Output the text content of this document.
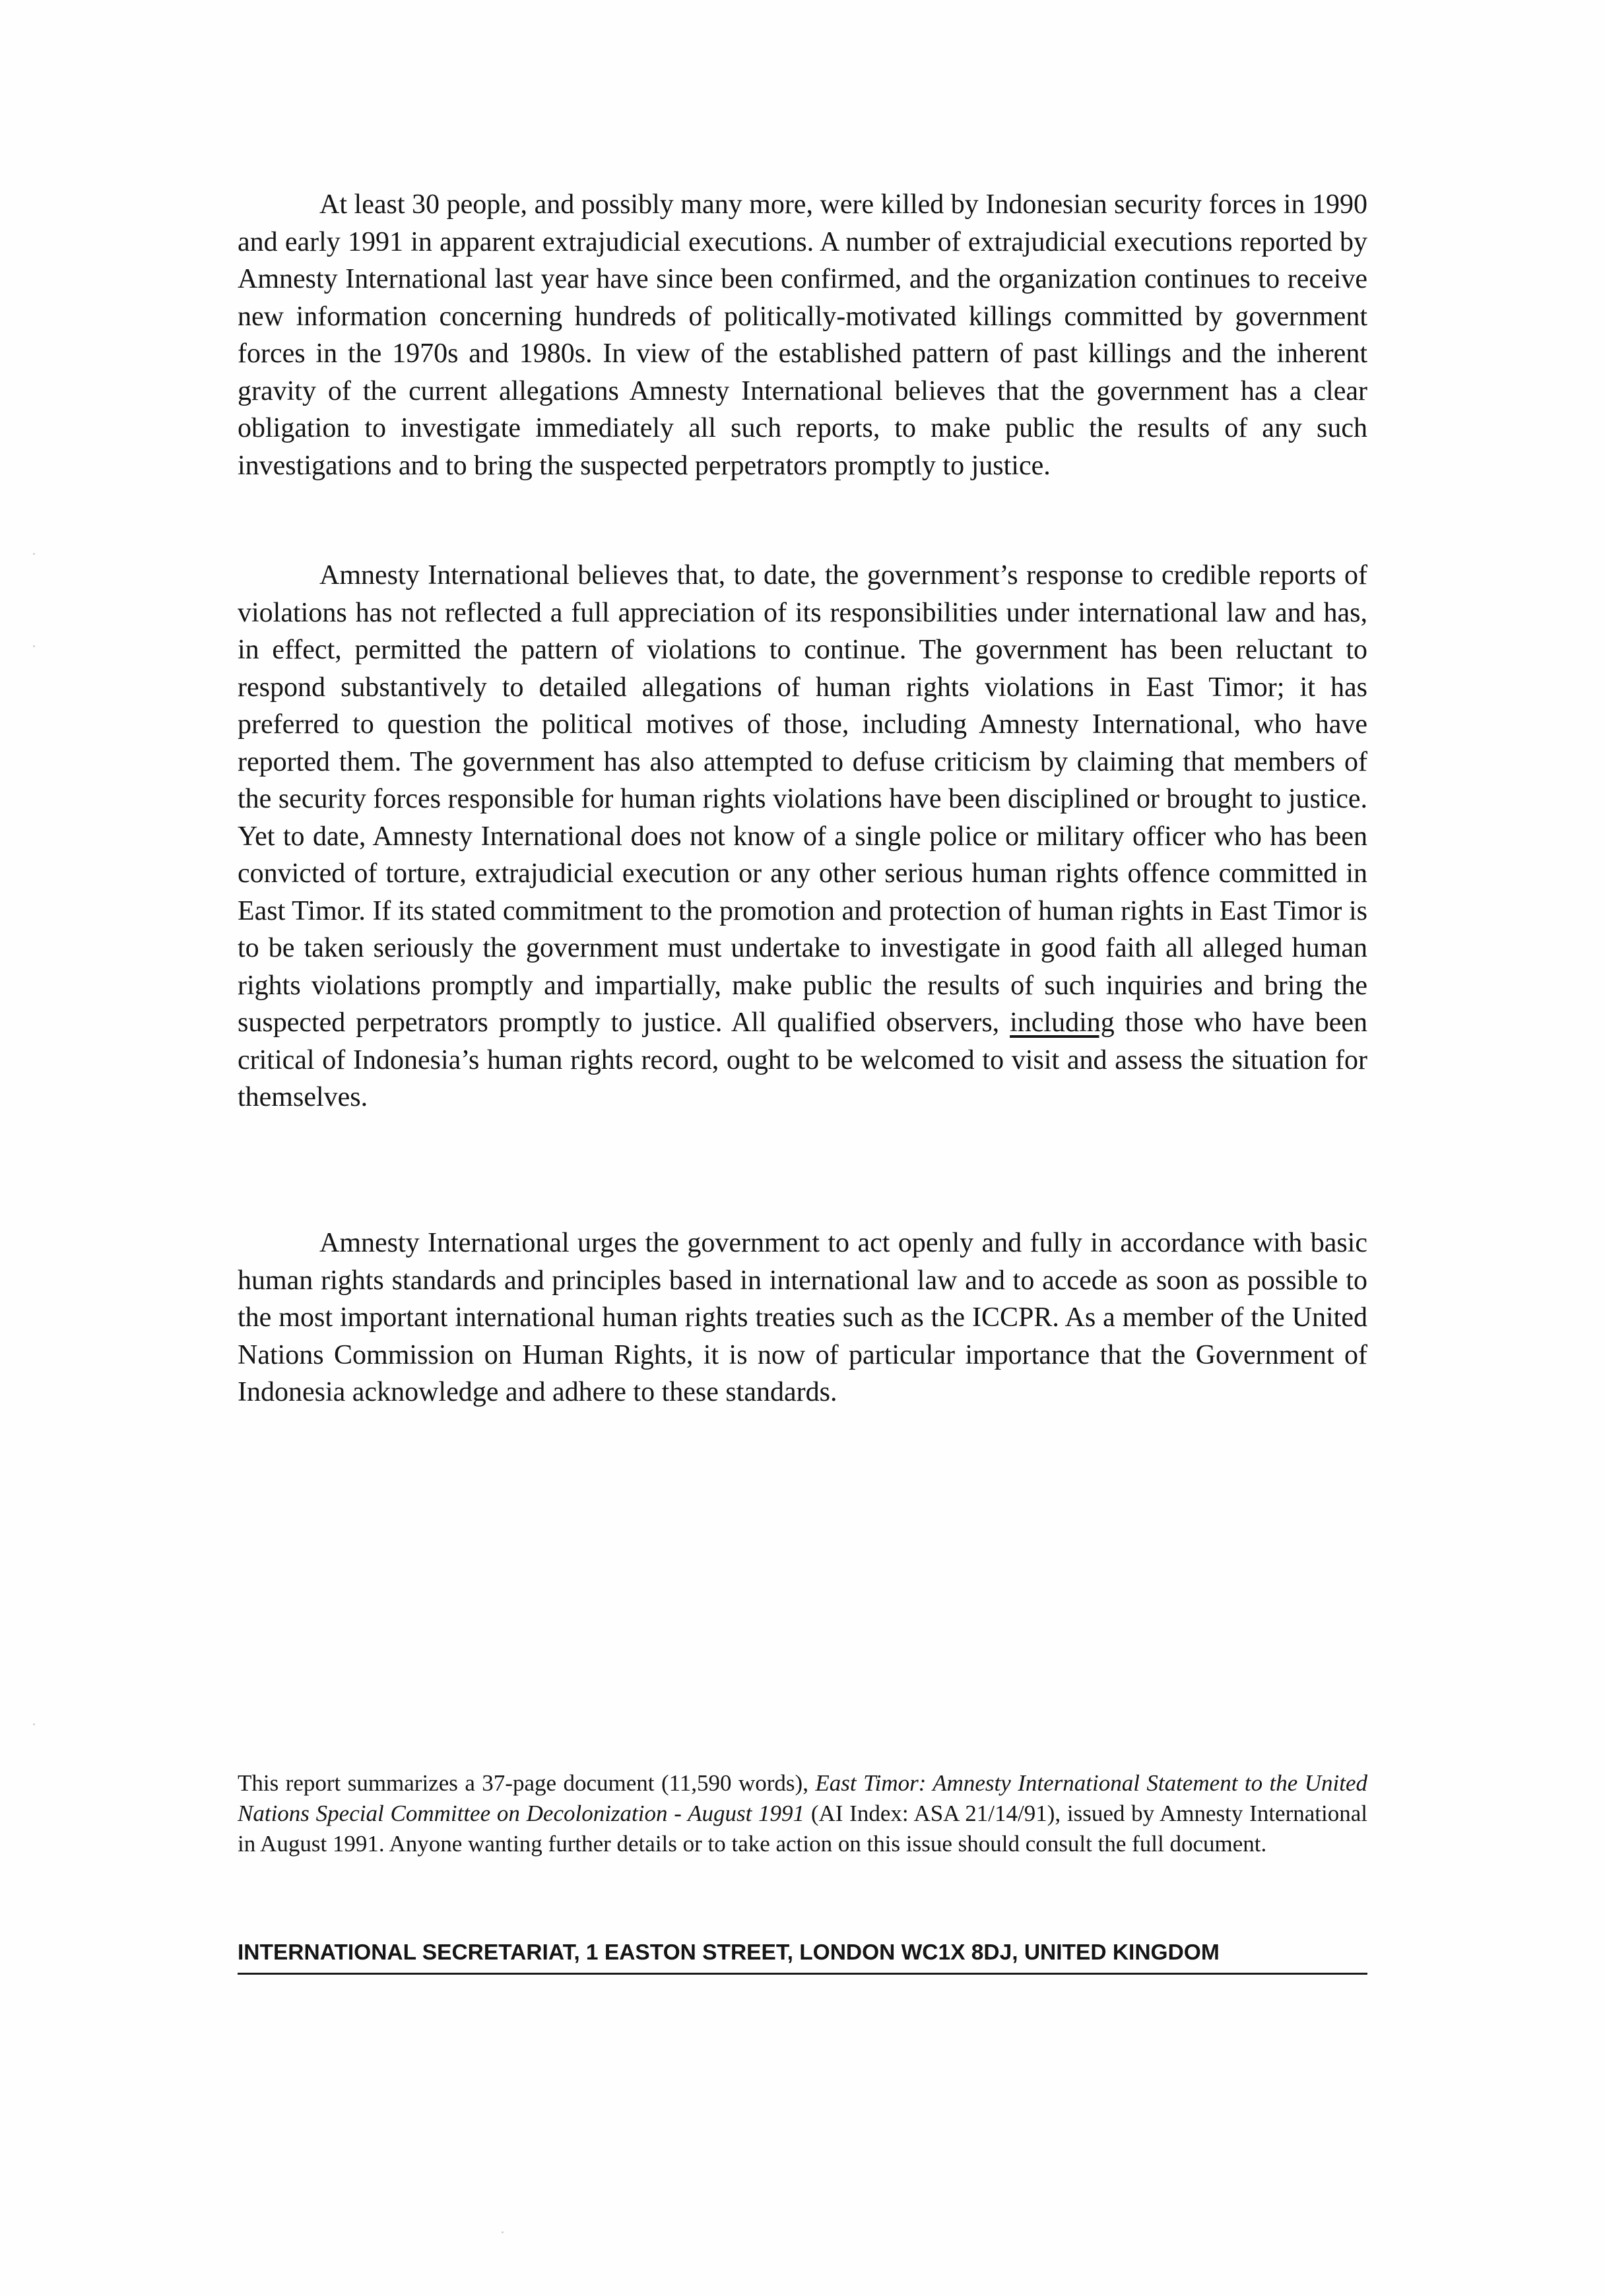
At least 30 people, and possibly many more, were killed by Indonesian security forces in 1990 and early 1991 in apparent extrajudicial executions. A number of extrajudicial executions reported by Amnesty International last year have since been confirmed, and the organization continues to receive new information concerning hundreds of politically-motivated killings committed by government forces in the 1970s and 1980s. In view of the established pattern of past killings and the inherent gravity of the current allegations Amnesty International believes that the government has a clear obligation to investigate immediately all such reports, to make public the results of any such investigations and to bring the suspected perpetrators promptly to justice.

Amnesty International believes that, to date, the government’s response to credible reports of violations has not reflected a full appreciation of its responsibilities under international law and has, in effect, permitted the pattern of violations to continue. The government has been reluctant to respond substantively to detailed allegations of human rights violations in East Timor; it has preferred to question the political motives of those, including Amnesty International, who have reported them. The government has also attempted to defuse criticism by claiming that members of the security forces responsible for human rights violations have been disciplined or brought to justice. Yet to date, Amnesty International does not know of a single police or military officer who has been convicted of torture, extrajudicial execution or any other serious human rights offence committed in East Timor. If its stated commitment to the promotion and protection of human rights in East Timor is to be taken seriously the government must undertake to investigate in good faith all alleged human rights violations promptly and impartially, make public the results of such inquiries and bring the suspected perpetrators promptly to justice. All qualified observers, including those who have been critical of Indonesia’s human rights record, ought to be welcomed to visit and assess the situation for themselves.

Amnesty International urges the government to act openly and fully in accordance with basic human rights standards and principles based in international law and to accede as soon as possible to the most important international human rights treaties such as the ICCPR. As a member of the United Nations Commission on Human Rights, it is now of particular importance that the Government of Indonesia acknowledge and adhere to these standards.

This report summarizes a 37-page document (11,590 words), East Timor: Amnesty International Statement to the United Nations Special Committee on Decolonization - August 1991 (AI Index: ASA 21/14/91), issued by Amnesty International in August 1991. Anyone wanting further details or to take action on this issue should consult the full document.

INTERNATIONAL SECRETARIAT, 1 EASTON STREET, LONDON WC1X 8DJ, UNITED KINGDOM
